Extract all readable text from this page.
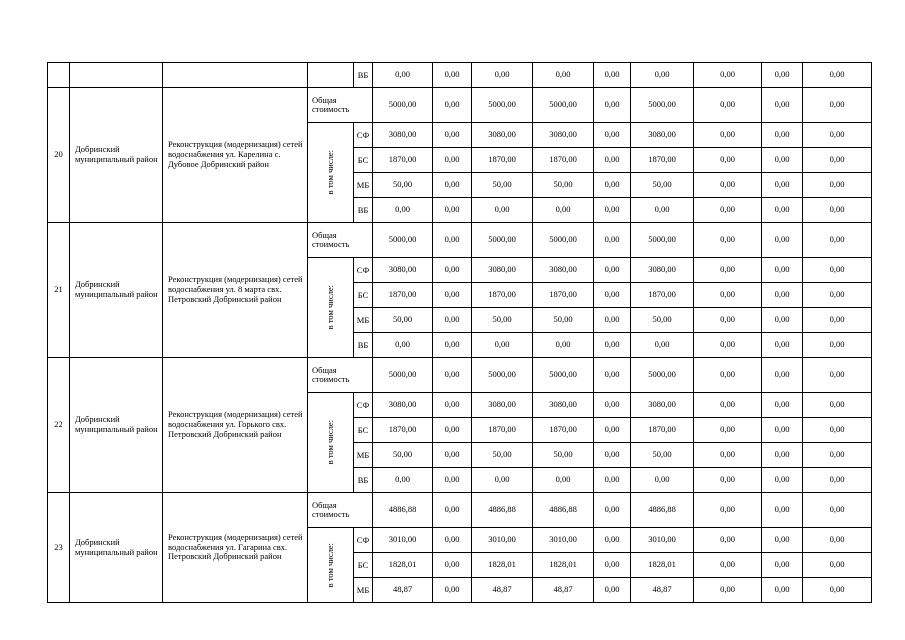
				ВБ	0,00	0,00	0,00	0,00	0,00	0,00	0,00	0,00	0,00
20	Добринский муниципальный район	Реконструкция (модернизация) сетей водоснабжения ул. Карелина с. Дубовое Добринский район	Общая стоимость		5000,00	0,00	5000,00	5000,00	0,00	5000,00	0,00	0,00	0,00

			в том числе:	СФ	3080,00	0,00	3080,00	3080,00	0,00	3080,00	0,00	0,00	0,00
				БС	1870,00	0,00	1870,00	1870,00	0,00	1870,00	0,00	0,00	0,00
				МБ	50,00	0,00	50,00	50,00	0,00	50,00	0,00	0,00	0,00
				ВБ	0,00	0,00	0,00	0,00	0,00	0,00	0,00	0,00	0,00
21	Добринский муниципальный район	Реконструкция (модернизация) сетей водоснабжения ул. 8 марта свх. Петровский Добринский район	Общая стоимость		5000,00	0,00	5000,00	5000,00	0,00	5000,00	0,00	0,00	0,00

			в том числе:	СФ	3080,00	0,00	3080,00	3080,00	0,00	3080,00	0,00	0,00	0,00
				БС	1870,00	0,00	1870,00	1870,00	0,00	1870,00	0,00	0,00	0,00
				МБ	50,00	0,00	50,00	50,00	0,00	50,00	0,00	0,00	0,00
				ВБ	0,00	0,00	0,00	0,00	0,00	0,00	0,00	0,00	0,00
22	Добринский муниципальный район	Реконструкция (модернизация) сетей водоснабжения ул. Горького свх. Петровский Добринский район	Общая стоимость		5000,00	0,00	5000,00	5000,00	0,00	5000,00	0,00	0,00	0,00

			в том числе:	СФ	3080,00	0,00	3080,00	3080,00	0,00	3080,00	0,00	0,00	0,00
				БС	1870,00	0,00	1870,00	1870,00	0,00	1870,00	0,00	0,00	0,00
				МБ	50,00	0,00	50,00	50,00	0,00	50,00	0,00	0,00	0,00
				ВБ	0,00	0,00	0,00	0,00	0,00	0,00	0,00	0,00	0,00
23	Добринский муниципальный район	Реконструкция (модернизация) сетей водоснабжения ул. Гагарина свх. Петровский Добринский район	Общая стоимость		4886,88	0,00	4886,88	4886,88	0,00	4886,88	0,00	0,00	0,00

			в том числе:	СФ	3010,00	0,00	3010,00	3010,00	0,00	3010,00	0,00	0,00	0,00
				БС	1828,01	0,00	1828,01	1828,01	0,00	1828,01	0,00	0,00	0,00
				МБ	48,87	0,00	48,87	48,87	0,00	48,87	0,00	0,00	0,00
